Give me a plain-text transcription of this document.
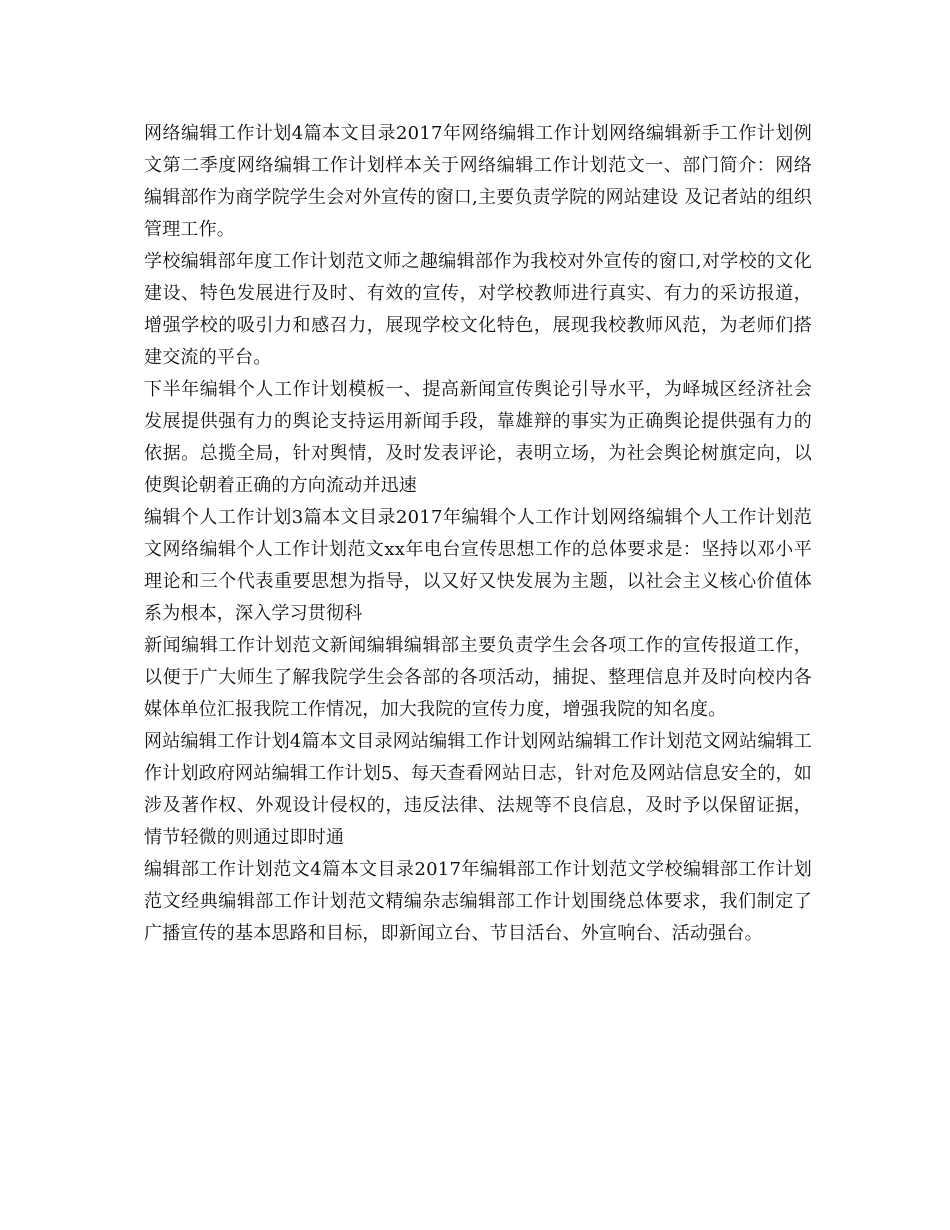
网络编辑工作计划4篇本文目录2017年网络编辑工作计划网络编辑新手工作计划例文第二季度网络编辑工作计划样本关于网络编辑工作计划范文一、部门简介：网络编辑部作为商学院学生会对外宣传的窗口,主要负责学院的网站建设 及记者站的组织管理工作。

学校编辑部年度工作计划范文师之趣编辑部作为我校对外宣传的窗口,对学校的文化建设、特色发展进行及时、有效的宣传，对学校教师进行真实、有力的采访报道，增强学校的吸引力和感召力，展现学校文化特色，展现我校教师风范，为老师们搭建交流的平台。

下半年编辑个人工作计划模板一、提高新闻宣传舆论引导水平，为峄城区经济社会发展提供强有力的舆论支持运用新闻手段，靠雄辩的事实为正确舆论提供强有力的依据。总揽全局，针对舆情，及时发表评论，表明立场，为社会舆论树旗定向，以使舆论朝着正确的方向流动并迅速

编辑个人工作计划3篇本文目录2017年编辑个人工作计划网络编辑个人工作计划范文网络编辑个人工作计划范文xx年电台宣传思想工作的总体要求是：坚持以邓小平理论和三个代表重要思想为指导，以又好又快发展为主题，以社会主义核心价值体系为根本，深入学习贯彻科

新闻编辑工作计划范文新闻编辑编辑部主要负责学生会各项工作的宣传报道工作，以便于广大师生了解我院学生会各部的各项活动，捕捉、整理信息并及时向校内各媒体单位汇报我院工作情况，加大我院的宣传力度，增强我院的知名度。

网站编辑工作计划4篇本文目录网站编辑工作计划网站编辑工作计划范文网站编辑工作计划政府网站编辑工作计划5、每天查看网站日志，针对危及网站信息安全的，如涉及著作权、外观设计侵权的，违反法律、法规等不良信息，及时予以保留证据，情节轻微的则通过即时通

编辑部工作计划范文4篇本文目录2017年编辑部工作计划范文学校编辑部工作计划范文经典编辑部工作计划范文精编杂志编辑部工作计划围绕总体要求，我们制定了广播宣传的基本思路和目标，即新闻立台、节目活台、外宣响台、活动强台。
